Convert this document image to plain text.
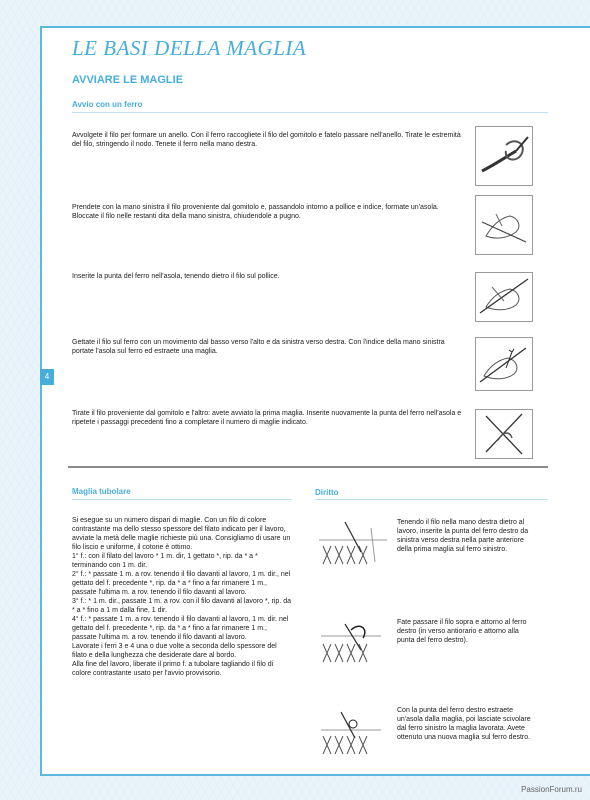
LE BASI DELLA MAGLIA
AVVIARE LE MAGLIE
Avvio con un ferro

Avvolgete il filo per formare un anello. Con il ferro raccogliete il filo del gomitolo e fatelo passare nell'anello. Tirate le estremità del filo, stringendo il nodo. Tenete il ferro nella mano destra.

Prendete con la mano sinistra il filo proveniente dal gomitolo e, passandolo intorno a pollice e indice, formate un'asola. Bloccate il filo nelle restanti dita della mano sinistra, chiudendole a pugno.

Inserite la punta del ferro nell'asola, tenendo dietro il filo sul pollice.

Gettate il filo sul ferro con un movimento dal basso verso l'alto e da sinistra verso destra. Con l'indice della mano sinistra portate l'asola sul ferro ed estraete una maglia.

Tirate il filo proveniente dal gomitolo e l'altro: avete avviato la prima maglia. Inserite nuovamente la punta del ferro nell'asola e ripetete i passaggi precedenti fino a completare il numero di maglie indicato.

Maglia tubolare

Si esegue su un numero dispari di maglie. Con un filo di colore contrastante ma dello stesso spessore del filato indicato per il lavoro, avviate la metà delle maglie richieste più una. Consigliamo di usare un filo liscio e uniforme, il cotone è ottimo.

1° f.: con il filato del lavoro * 1 m. dir, 1 gettato *, rip. da * a * terminando con 1 m. dir.

2° f.: * passate 1 m. a rov. tenendo il filo davanti al lavoro, 1 m. dir., nel gettato del f. precedente *, rip. da * a * fino a far rimanere 1 m., passate l'ultima m. a rov. tenendo il filo davanti al lavoro.

3° f.: * 1 m. dir., passate 1 m. a rov. con il filo davanti al lavoro *, rip. da * a * fino a 1 m dalla fine, 1 dir.

4° f.: * passate 1 m. a rov. tenendo il filo davanti al lavoro, 1 m. dir. nel gettato del f. precedente *, rip. da * a * fino a far rimanere 1 m., passate l'ultima m. a rov. tenendo il filo davanti al lavoro.

Lavorate i ferri 3 e 4 una o due volte a seconda dello spessore del filato e della lunghezza che desiderate dare al bordo.

Alla fine del lavoro, liberate il primo f. a tubolare tagliando il filo di colore contrastante usato per l'avvio provvisorio.

Diritto

Tenendo il filo nella mano destra dietro al lavoro, inserite la punta del ferro destro da sinistra verso destra nella parte anteriore della prima maglia sul ferro sinistro.

Fate passare il filo sopra e attorno al ferro destro (in verso antiorario e attorno alla punta del ferro destro).

Con la punta del ferro destro estraete un'asola dalla maglia, poi lasciate scivolare dal ferro sinistro la maglia lavorata. Avete ottenuto una nuova maglia sul ferro destro.

4
PassionForum.ru
